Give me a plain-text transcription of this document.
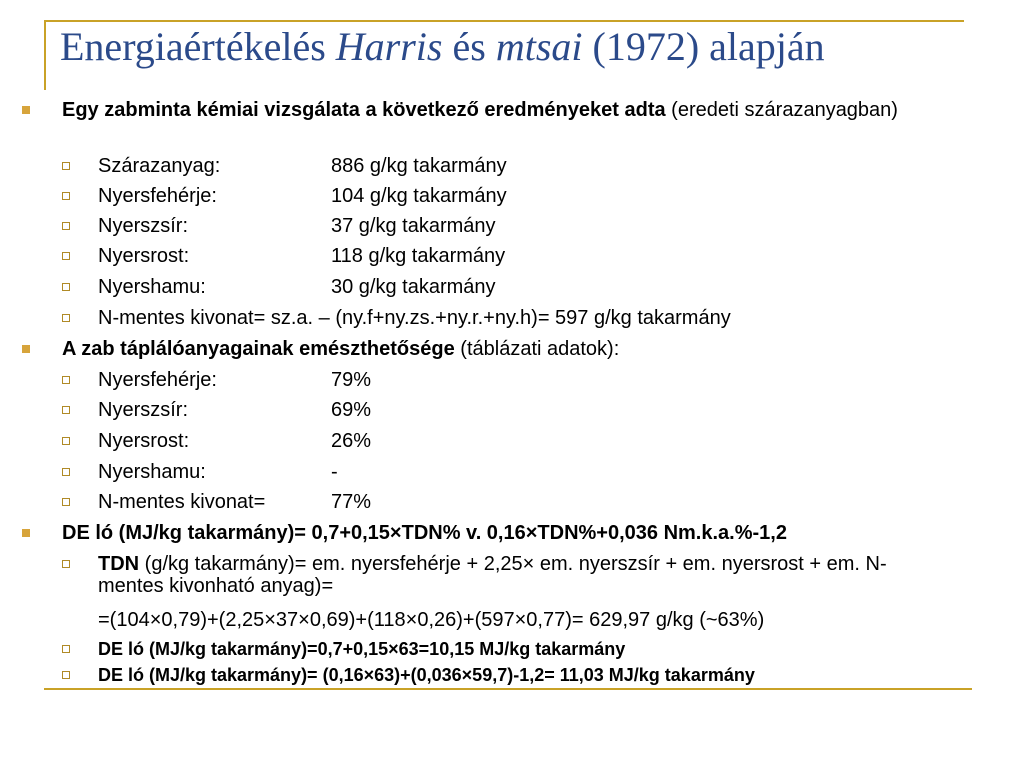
Energiaértékelés Harris és mtsai (1972) alapján
Egy zabminta kémiai vizsgálata a következő eredményeket adta (eredeti szárazanyagban)
Szárazanyag:	886 g/kg takarmány
Nyersfehérje:	104 g/kg takarmány
Nyerszsír:	37 g/kg takarmány
Nyersrost:	118 g/kg takarmány
Nyershamu:	30 g/kg takarmány
N-mentes kivonat= sz.a. – (ny.f+ny.zs.+ny.r.+ny.h)= 597 g/kg takarmány
A zab táplálóanyagainak emészthetősége (táblázati adatok):
Nyersfehérje:	79%
Nyerszsír:	69%
Nyersrost:	26%
Nyershamu:	-
N-mentes kivonat=	77%
DE ló (MJ/kg takarmány)= 0,7+0,15×TDN% v. 0,16×TDN%+0,036 Nm.k.a.%-1,2
TDN (g/kg takarmány)= em. nyersfehérje + 2,25× em. nyerszsír + em. nyersrost + em. N-mentes kivonható anyag)=
=(104×0,79)+(2,25×37×0,69)+(118×0,26)+(597×0,77)= 629,97 g/kg (~63%)
DE ló (MJ/kg takarmány)=0,7+0,15×63=10,15 MJ/kg takarmány
DE ló (MJ/kg takarmány)= (0,16×63)+(0,036×59,7)-1,2= 11,03 MJ/kg takarmány
